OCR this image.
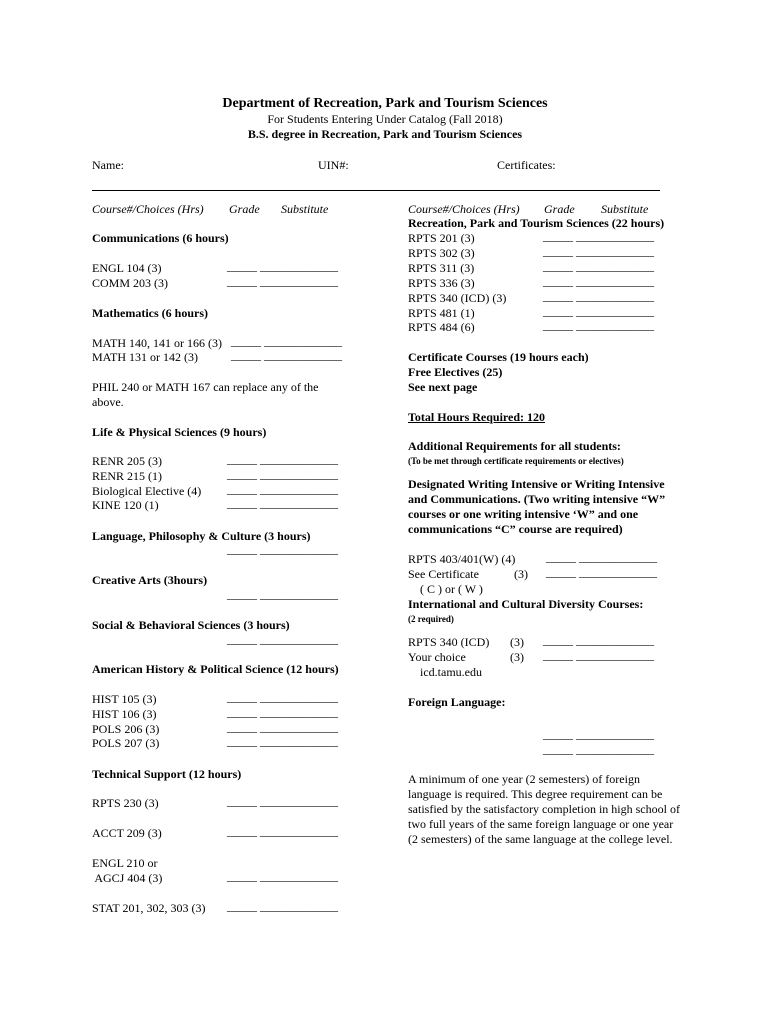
Department of Recreation, Park and Tourism Sciences
For Students Entering Under Catalog (Fall 2018)
B.S. degree in Recreation, Park and Tourism Sciences
Name:	UIN#:	Certificates:
Course#/Choices (Hrs) Grade Substitute
Communications (6 hours)
ENGL 104 (3)	_____ _____________
COMM 203 (3)	_____ _____________
Mathematics (6 hours)
MATH 140, 141 or 166 (3) _____ _____________
MATH 131 or 142 (3)	_____ _____________
PHIL 240 or MATH 167 can replace any of the above.
Life & Physical Sciences (9 hours)
RENR 205 (3)	_____ _____________
RENR 215 (1)	_____ _____________
Biological Elective (4) _____ _____________
KINE 120 (1)	_____ _____________
Language, Philosophy & Culture (3 hours)
_____ _____________
Creative Arts (3hours)
_____ _____________
Social & Behavioral Sciences (3 hours)
_____ _____________
American History & Political Science (12 hours)
HIST 105 (3)	_____ _____________
HIST 106 (3)	_____ _____________
POLS 206 (3)	_____ _____________
POLS 207 (3)	_____ _____________
Technical Support (12 hours)
RPTS 230 (3)	_____ _____________
ACCT 209 (3)	_____ _____________
ENGL 210 or
AGCJ 404 (3)	_____ _____________
STAT 201, 302, 303 (3) _____ _____________
Course#/Choices (Hrs) Grade Substitute
Recreation, Park and Tourism Sciences (22 hours)
RPTS 201 (3)	_____ _____________
RPTS 302 (3)	_____ _____________
RPTS 311 (3)	_____ _____________
RPTS 336 (3)	_____ _____________
RPTS 340 (ICD) (3)	_____ _____________
RPTS 481 (1)	_____ _____________
RPTS 484 (6)	_____ _____________
Certificate Courses (19 hours each)
Free Electives (25)
See next page
Total Hours Required: 120
Additional Requirements for all students:
(To be met through certificate requirements or electives)
Designated Writing Intensive or Writing Intensive and Communications. (Two writing intensive “W” courses or one writing intensive ‘W” and one communications “C” course are required)
RPTS 403/401(W) (4)	_____ _____________
See Certificate	(3) _____ _____________
( C ) or ( W )
International and Cultural Diversity Courses:
(2 required)
RPTS 340 (ICD) (3) _____ _____________
Your choice	(3) _____ _____________
icd.tamu.edu
Foreign Language:
_____ _____________
_____ _____________
A minimum of one year (2 semesters) of foreign language is required. This degree requirement can be satisfied by the satisfactory completion in high school of two full years of the same foreign language or one year (2 semesters) of the same language at the college level.
